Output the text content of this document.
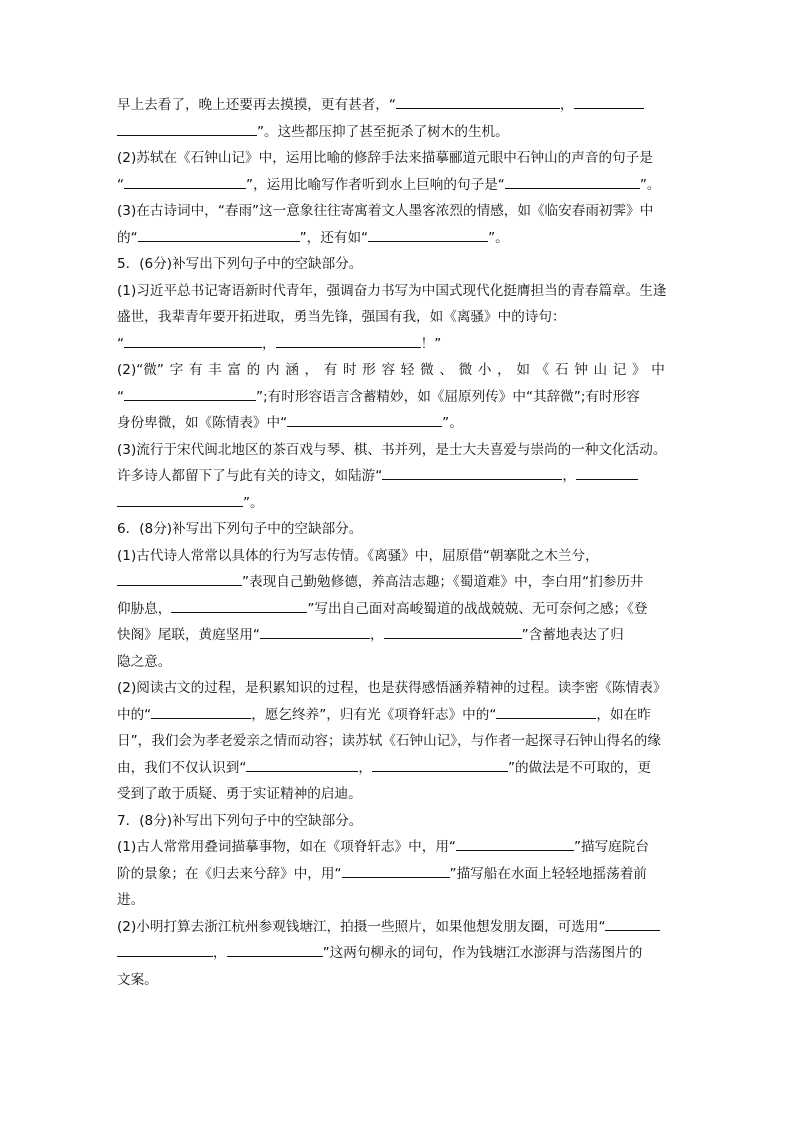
早上去看了，晚上还要再去摸摸，更有甚者，“	，
”。这些都压抑了甚至扼杀了树木的生机。
(2)苏轼在《石钟山记》中，运用比喻的修辞手法来描摹郦道元眼中石钟山的声音的句子是
“	”，运用比喻写作者听到水上巨响的句子是“	”。
(3)在古诗词中，“春雨”这一意象往往寄寓着文人墨客浓烈的情感，如《临安春雨初霁》中
的“	”，还有如“	”。
5．(6分)补写出下列句子中的空缺部分。
(1)习近平总书记寄语新时代青年，强调奋力书写为中国式现代化挺膺担当的青春篇章。生逢
盛世，我辈青年要开拓进取，勇当先锋，强国有我，如《离骚》中的诗句：
“	，	！”
(2)“微” 字 有 丰 富 的 内 涵 ， 有 时 形 容 轻 微 、 微 小 ， 如 《 石 钟 山 记 》 中
“	”;有时形容语言含蓄精妙，如《屈原列传》中“其辞微”;有时形容
身份卑微，如《陈情表》中“	”。
(3)流行于宋代闽北地区的茶百戏与琴、棋、书并列，是士大夫喜爱与崇尚的一种文化活动。
许多诗人都留下了与此有关的诗文，如陆游“	，
”。
6．(8分)补写出下列句子中的空缺部分。
(1)古代诗人常常以具体的行为写志传情。《离骚》中，屈原借“朝搴阰之木兰兮，
”表现自己勤勉修德，养高洁志趣；《蜀道难》中，李白用“扪参历井
仰胁息，	”写出自己面对高峻蜀道的战战兢兢、无可奈何之感；《登
快阁》尾联，黄庭坚用“	，	”含蓄地表达了归
隐之意。
(2)阅读古文的过程，是积累知识的过程，也是获得感悟涵养精神的过程。读李密《陈情表》
中的“	，愿乞终养”，归有光《项脊轩志》中的“	，如在昨
日”，我们会为孝老爱亲之情而动容；读苏轼《石钟山记》，与作者一起探寻石钟山得名的缘
由，我们不仅认识到“	，	”的做法是不可取的，更
受到了敢于质疑、勇于实证精神的启迪。
7．(8分)补写出下列句子中的空缺部分。
(1)古人常常用叠词描摹事物，如在《项脊轩志》中，用“	”描写庭院台
阶的景象；在《归去来兮辞》中，用“	”描写船在水面上轻轻地摇荡着前
进。
(2)小明打算去浙江杭州参观钱塘江，拍摄一些照片，如果他想发朋友圈，可选用“
，	”这两句柳永的词句，作为钱塘江水澎湃与浩荡图片的
文案。
